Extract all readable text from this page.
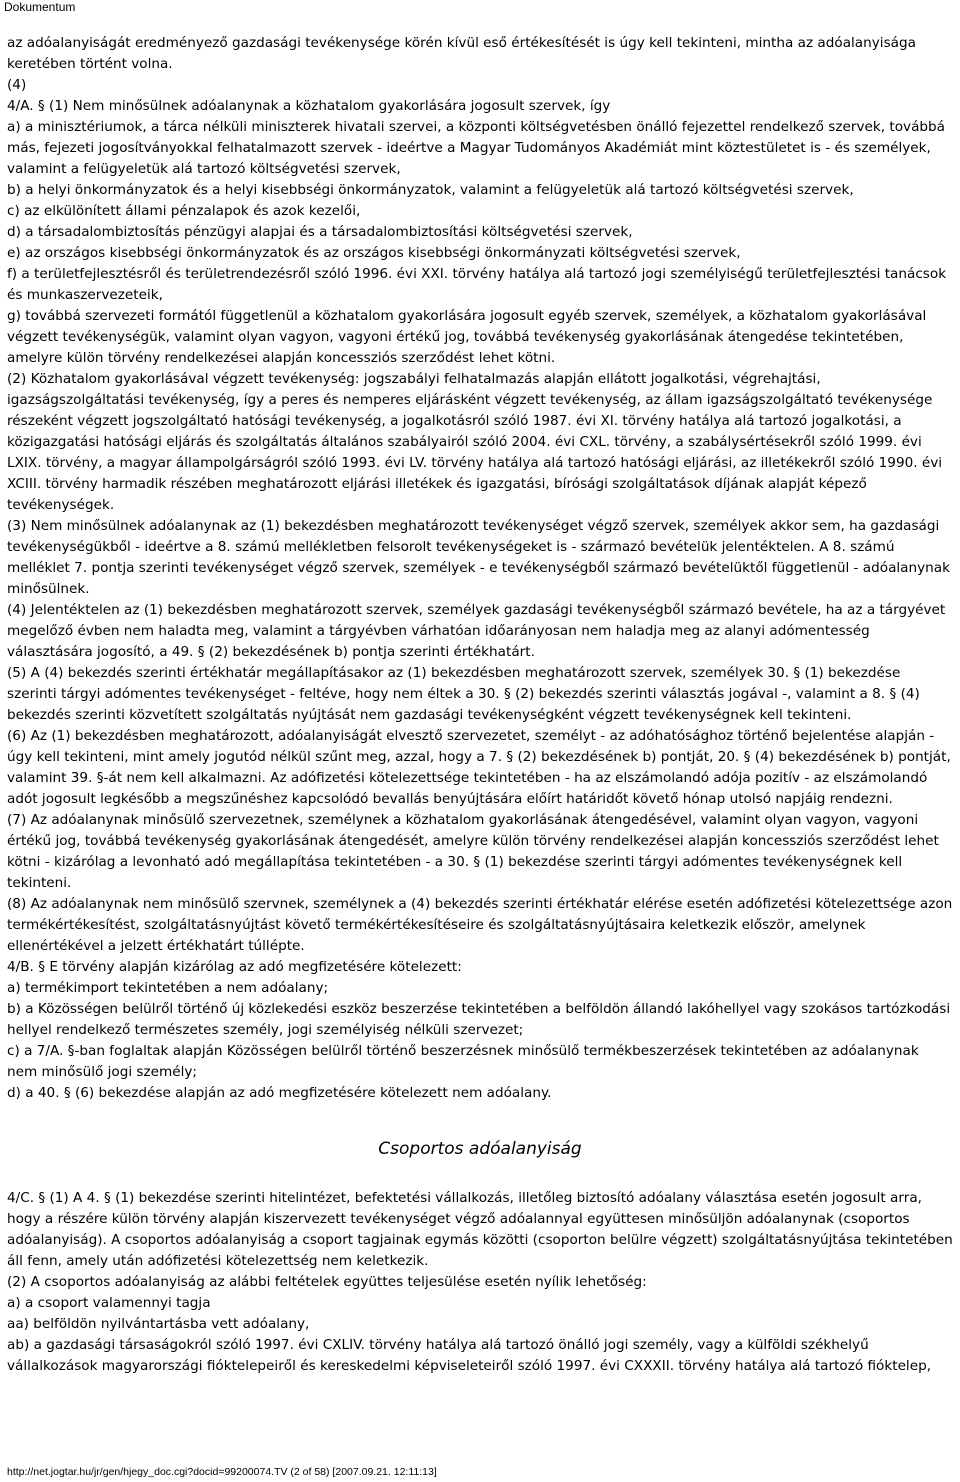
Dokumentum

az adóalanyiságát eredményező gazdasági tevékenysége körén kívül eső értékesítését is úgy kell tekinteni, mintha az adóalanyisága keretében történt volna.

(4)

4/A. § (1) Nem minősülnek adóalanynak a közhatalom gyakorlására jogosult szervek, így

a) a minisztériumok, a tárca nélküli miniszterek hivatali szervei, a központi költségvetésben önálló fejezettel rendelkező szervek, továbbá más, fejezeti jogosítványokkal felhatalmazott szervek - ideértve a Magyar Tudományos Akadémiát mint köztestületet is - és személyek, valamint a felügyeletük alá tartozó költségvetési szervek,

b) a helyi önkormányzatok és a helyi kisebbségi önkormányzatok, valamint a felügyeletük alá tartozó költségvetési szervek,

c) az elkülönített állami pénzalapok és azok kezelői,

d) a társadalombiztosítás pénzügyi alapjai és a társadalombiztosítási költségvetési szervek,

e) az országos kisebbségi önkormányzatok és az országos kisebbségi önkormányzati költségvetési szervek,

f) a területfejlesztésről és területrendezésről szóló 1996. évi XXI. törvény hatálya alá tartozó jogi személyiségű területfejlesztési tanácsok és munkaszervezeteik,

g) továbbá szervezeti formától függetlenül a közhatalom gyakorlására jogosult egyéb szervek, személyek, a közhatalom gyakorlásával végzett tevékenységük, valamint olyan vagyon, vagyoni értékű jog, továbbá tevékenység gyakorlásának átengedése tekintetében, amelyre külön törvény rendelkezései alapján koncessziós szerződést lehet kötni.

(2) Közhatalom gyakorlásával végzett tevékenység: jogszabályi felhatalmazás alapján ellátott jogalkotási, végrehajtási, igazságszolgáltatási tevékenység, így a peres és nemperes eljárásként végzett tevékenység, az állam igazságszolgáltató tevékenysége részeként végzett jogszolgáltató hatósági tevékenység, a jogalkotásról szóló 1987. évi XI. törvény hatálya alá tartozó jogalkotási, a közigazgatási hatósági eljárás és szolgáltatás általános szabályairól szóló 2004. évi CXL. törvény, a szabálysértésekről szóló 1999. évi LXIX. törvény, a magyar állampolgárságról szóló 1993. évi LV. törvény hatálya alá tartozó hatósági eljárási, az illetékekről szóló 1990. évi XCIII. törvény harmadik részében meghatározott eljárási illetékek és igazgatási, bírósági szolgáltatások díjának alapját képező tevékenységek.

(3) Nem minősülnek adóalanynak az (1) bekezdésben meghatározott tevékenységet végző szervek, személyek akkor sem, ha gazdasági tevékenységükből - ideértve a 8. számú mellékletben felsorolt tevékenységeket is - származó bevételük jelentéktelen. A 8. számú melléklet 7. pontja szerinti tevékenységet végző szervek, személyek - e tevékenységből származó bevételüktől függetlenül - adóalanynak minősülnek.

(4) Jelentéktelen az (1) bekezdésben meghatározott szervek, személyek gazdasági tevékenységből származó bevétele, ha az a tárgyévet megelőző évben nem haladta meg, valamint a tárgyévben várhatóan időarányosan nem haladja meg az alanyi adómentesség választására jogosító, a 49. § (2) bekezdésének b) pontja szerinti értékhatárt.

(5) A (4) bekezdés szerinti értékhatár megállapításakor az (1) bekezdésben meghatározott szervek, személyek 30. § (1) bekezdése szerinti tárgyi adómentes tevékenységet - feltéve, hogy nem éltek a 30. § (2) bekezdés szerinti választás jogával -, valamint a 8. § (4) bekezdés szerinti közvetített szolgáltatás nyújtását nem gazdasági tevékenységként végzett tevékenységnek kell tekinteni.

(6) Az (1) bekezdésben meghatározott, adóalanyiságát elvesztő szervezetet, személyt - az adóhatósághoz történő bejelentése alapján - úgy kell tekinteni, mint amely jogutód nélkül szűnt meg, azzal, hogy a 7. § (2) bekezdésének b) pontját, 20. § (4) bekezdésének b) pontját, valamint 39. §-át nem kell alkalmazni. Az adófizetési kötelezettsége tekintetében - ha az elszámolandó adója pozitív - az elszámolandó adót jogosult legkésőbb a megszűnéshez kapcsolódó bevallás benyújtására előírt határidőt követő hónap utolsó napjáig rendezni.

(7) Az adóalanynak minősülő szervezetnek, személynek a közhatalom gyakorlásának átengedésével, valamint olyan vagyon, vagyoni értékű jog, továbbá tevékenység gyakorlásának átengedését, amelyre külön törvény rendelkezései alapján koncessziós szerződést lehet kötni - kizárólag a levonható adó megállapítása tekintetében - a 30. § (1) bekezdése szerinti tárgyi adómentes tevékenységnek kell tekinteni.

(8) Az adóalanynak nem minősülő szervnek, személynek a (4) bekezdés szerinti értékhatár elérése esetén adófizetési kötelezettsége azon termékértékesítést, szolgáltatásnyújtást követő termékértékesítéseire és szolgáltatásnyújtásaira keletkezik először, amelynek ellenértékével a jelzett értékhatárt túllépte.

4/B. § E törvény alapján kizárólag az adó megfizetésére kötelezett:

a) termékimport tekintetében a nem adóalany;

b) a Közösségen belülről történő új közlekedési eszköz beszerzése tekintetében a belföldön állandó lakóhellyel vagy szokásos tartózkodási hellyel rendelkező természetes személy, jogi személyiség nélküli szervezet;

c) a 7/A. §-ban foglaltak alapján Közösségen belülről történő beszerzésnek minősülő termékbeszerzések tekintetében az adóalanynak nem minősülő jogi személy;

d) a 40. § (6) bekezdése alapján az adó megfizetésére kötelezett nem adóalany.

Csoportos adóalanyiság

4/C. § (1) A 4. § (1) bekezdése szerinti hitelintézet, befektetési vállalkozás, illetőleg biztosító adóalany választása esetén jogosult arra, hogy a részére külön törvény alapján kiszervezett tevékenységet végző adóalannyal együttesen minősüljön adóalanynak (csoportos adóalanyiság). A csoportos adóalanyiság a csoport tagjainak egymás közötti (csoporton belülre végzett) szolgáltatásnyújtása tekintetében áll fenn, amely után adófizetési kötelezettség nem keletkezik.

(2) A csoportos adóalanyiság az alábbi feltételek együttes teljesülése esetén nyílik lehetőség:

a) a csoport valamennyi tagja

aa) belföldön nyilvántartásba vett adóalany,

ab) a gazdasági társaságokról szóló 1997. évi CXLIV. törvény hatálya alá tartozó önálló jogi személy, vagy a külföldi székhelyű vállalkozások magyarországi fióktelepeiről és kereskedelmi képviseleteiről szóló 1997. évi CXXXII. törvény hatálya alá tartozó fióktelep,

http://net.jogtar.hu/jr/gen/hjegy_doc.cgi?docid=99200074.TV (2 of 58) [2007.09.21. 12:11:13]
